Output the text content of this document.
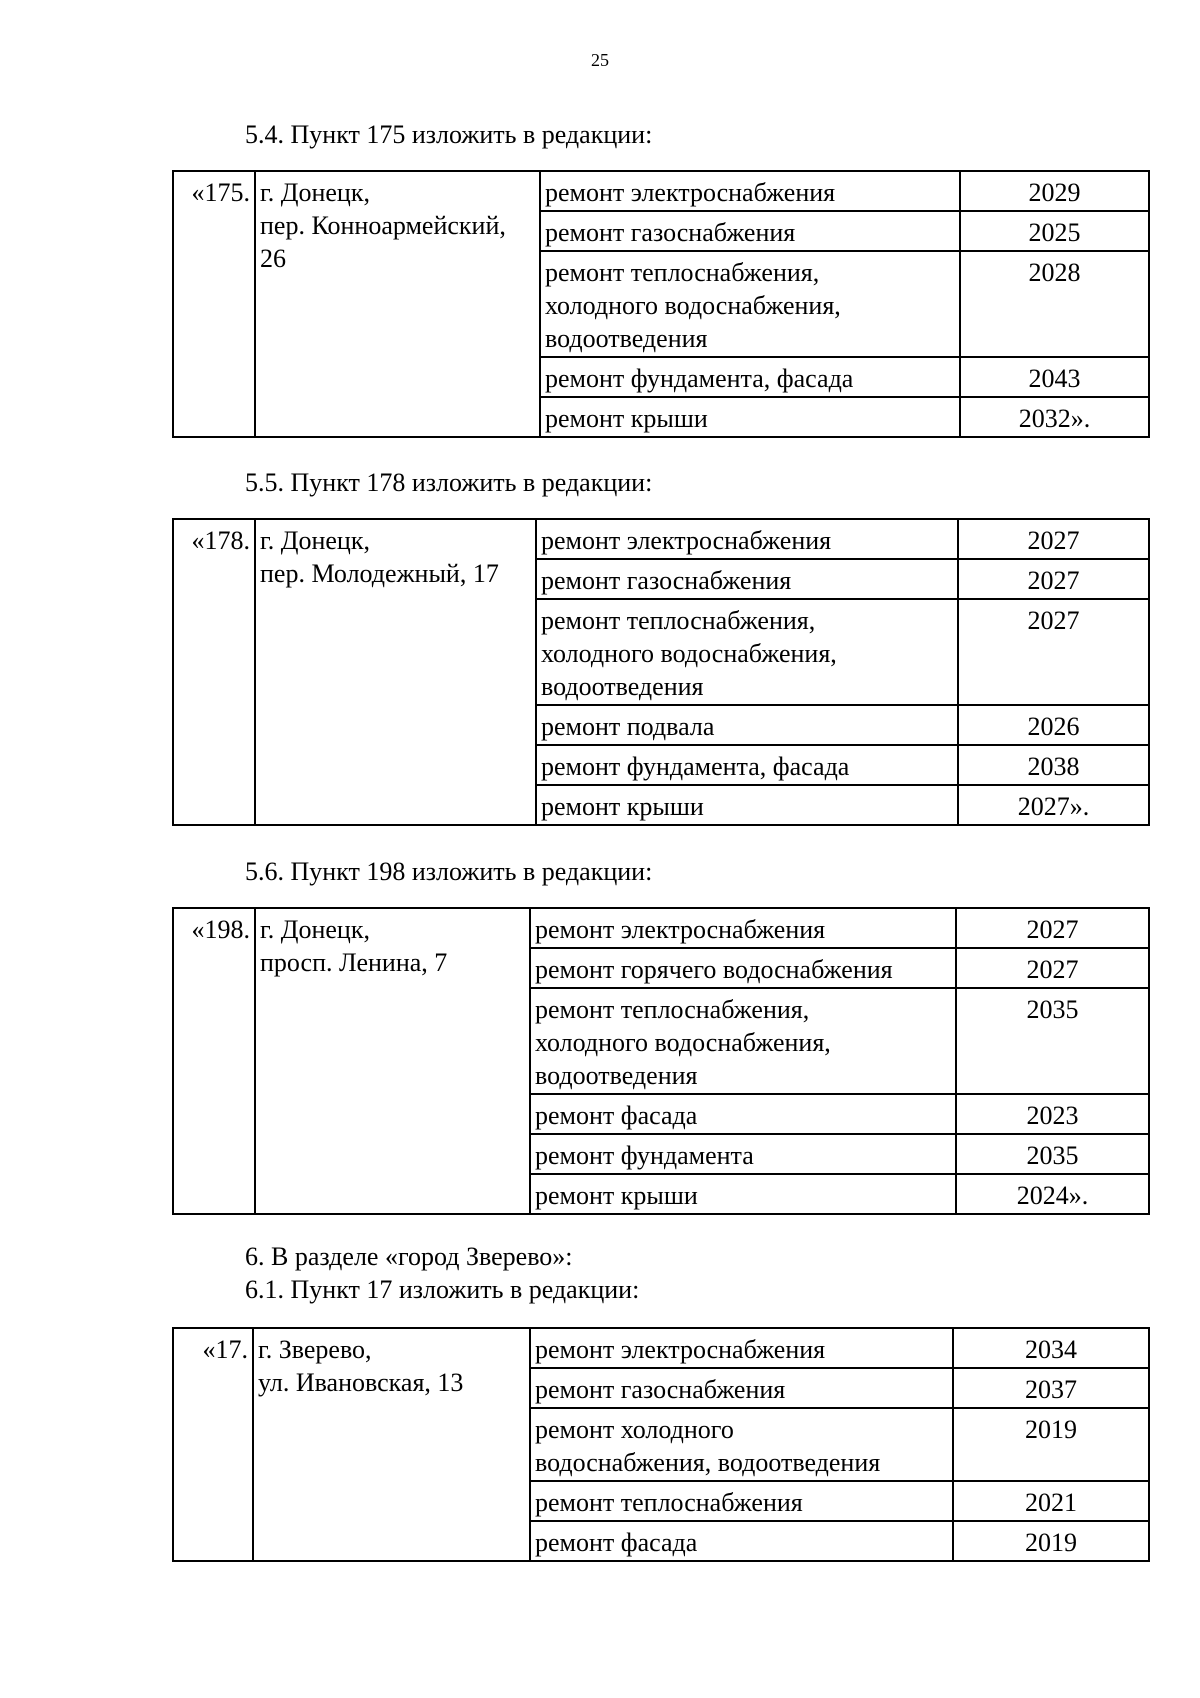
25
5.4. Пункт 175 изложить в редакции:
«175.	г. Донецк,
пер. Конноармейский,
26	ремонт электроснабжения	2029

		ремонт газоснабжения	2025

		ремонт теплоснабжения,
холодного водоснабжения,
водоотведения	2028

		ремонт фундамента, фасада	2043

		ремонт крыши	2032».
5.5. Пункт 178 изложить в редакции:
«178.	г. Донецк,
пер. Молодежный, 17	ремонт электроснабжения	2027

		ремонт газоснабжения	2027

		ремонт теплоснабжения,
холодного водоснабжения,
водоотведения	2027

		ремонт подвала	2026

		ремонт фундамента, фасада	2038

		ремонт крыши	2027».
5.6. Пункт 198 изложить в редакции:
«198.	г. Донецк,
просп. Ленина, 7	ремонт электроснабжения	2027

		ремонт горячего водоснабжения	2027

		ремонт теплоснабжения,
холодного водоснабжения,
водоотведения	2035

		ремонт фасада	2023

		ремонт фундамента	2035

		ремонт крыши	2024».
6. В разделе «город Зверево»:
6.1. Пункт 17 изложить в редакции:
«17.	г. Зверево,
ул. Ивановская, 13	ремонт электроснабжения	2034

		ремонт газоснабжения	2037

		ремонт холодного
водоснабжения, водоотведения	2019

		ремонт теплоснабжения	2021

		ремонт фасада	2019
